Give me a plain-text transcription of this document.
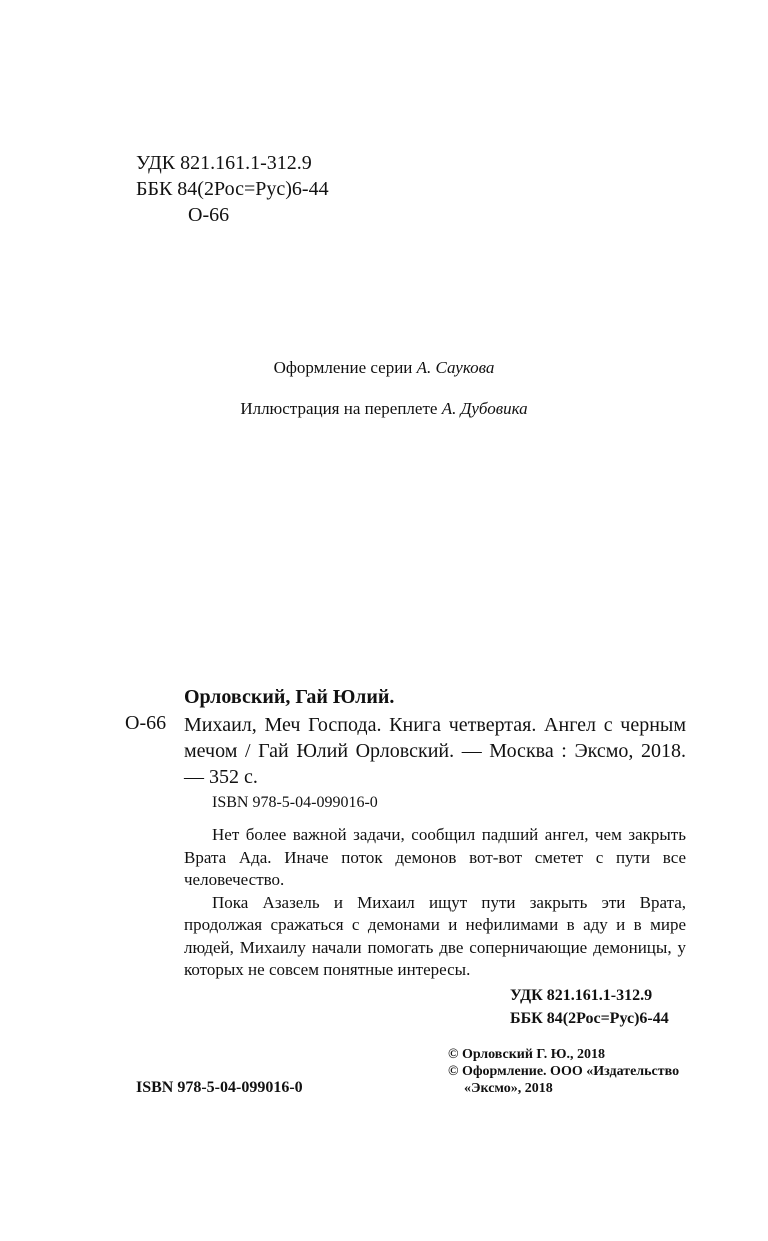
УДК 821.161.1-312.9
ББК 84(2Рос=Рус)6-44
О-66
Оформление серии А. Саукова
Иллюстрация на переплете А. Дубовика
Орловский, Гай Юлий.
О-66 Михаил, Меч Господа. Книга четвертая. Ангел с черным мечом / Гай Юлий Орловский. — Москва : Эксмо, 2018. — 352 с.
ISBN 978-5-04-099016-0

Нет более важной задачи, сообщил падший ангел, чем закрыть Врата Ада. Иначе поток демонов вот-вот сметет с пути все человечество.

Пока Азазель и Михаил ищут пути закрыть эти Врата, продолжая сражаться с демонами и нефилимами в аду и в мире людей, Михаилу начали помогать две соперничающие демоницы, у которых не совсем понятные интересы.

УДК 821.161.1-312.9
ББК 84(2Рос=Рус)6-44
© Орловский Г. Ю., 2018
© Оформление. ООО «Издательство
«Эксмо», 2018
ISBN 978-5-04-099016-0
